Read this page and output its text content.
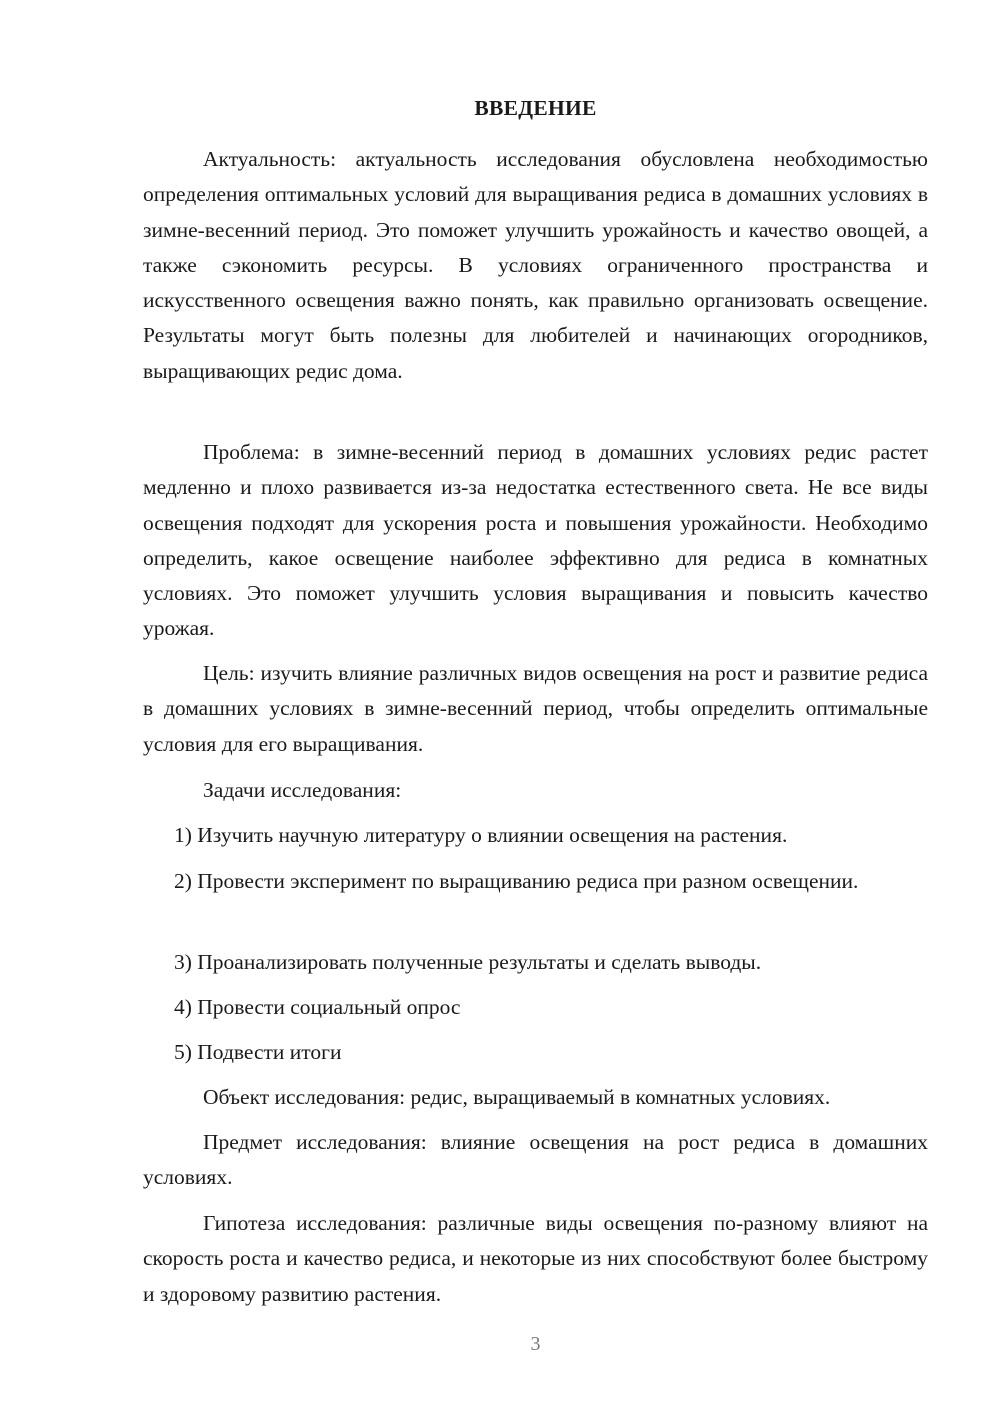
ВВЕДЕНИЕ

Актуальность: актуальность исследования обусловлена необходимостью определения оптимальных условий для выращивания редиса в домашних условиях в зимне-весенний период. Это поможет улучшить урожайность и качество овощей, а также сэкономить ресурсы. В условиях ограниченного пространства и искусственного освещения важно понять, как правильно организовать освещение. Результаты могут быть полезны для любителей и начинающих огородников, выращивающих редис дома.

Проблема: в зимне-весенний период в домашних условиях редис растет медленно и плохо развивается из-за недостатка естественного света. Не все виды освещения подходят для ускорения роста и повышения урожайности. Необходимо определить, какое освещение наиболее эффективно для редиса в комнатных условиях. Это поможет улучшить условия выращивания и повысить качество урожая.

Цель: изучить влияние различных видов освещения на рост и развитие редиса в домашних условиях в зимне-весенний период, чтобы определить оптимальные условия для его выращивания.

Задачи исследования:

1) Изучить научную литературу о влиянии освещения на растения.

2) Провести эксперимент по выращиванию редиса при разном освещении.

3) Проанализировать полученные результаты и сделать выводы.

4) Провести социальный опрос

5) Подвести итоги

Объект исследования: редис, выращиваемый в комнатных условиях.

Предмет исследования: влияние освещения на рост редиса в домашних условиях.

Гипотеза исследования: различные виды освещения по-разному влияют на скорость роста и качество редиса, и некоторые из них способствуют более быстрому и здоровому развитию растения.

3
